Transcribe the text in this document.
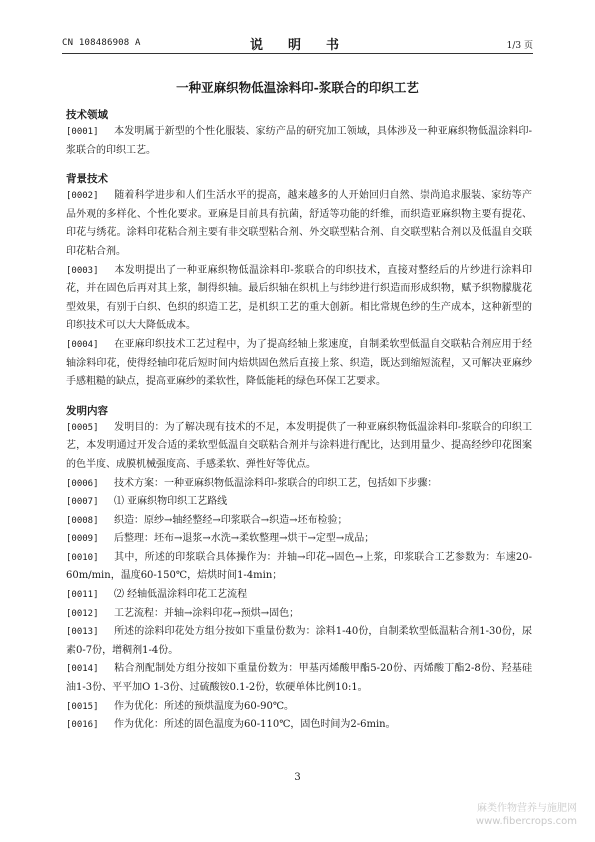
CN 108486908 A	说　明　书	1/3 页
一种亚麻织物低温涂料印-浆联合的印织工艺
技术领域
[0001] 本发明属于新型的个性化服装、家纺产品的研究加工领域，具体涉及一种亚麻织物低温涂料印-浆联合的印织工艺。
背景技术
[0002] 随着科学进步和人们生活水平的提高，越来越多的人开始回归自然、崇尚追求服装、家纺等产品外观的多样化、个性化要求。亚麻是目前具有抗菌，舒适等功能的纤维，而织造亚麻织物主要有提花、印花与绣花。涂料印花粘合剂主要有非交联型粘合剂、外交联型粘合剂、自交联型粘合剂以及低温自交联印花粘合剂。
[0003] 本发明提出了一种亚麻织物低温涂料印-浆联合的印织技术，直接对整经后的片纱进行涂料印花，并在固色后再对其上浆，制得织轴。最后织轴在织机上与纬纱进行织造而形成织物，赋予织物朦胧花型效果，有别于白织、色织的织造工艺，是机织工艺的重大创新。相比常规色纱的生产成本，这种新型的印织技术可以大大降低成本。
[0004] 在亚麻印织技术工艺过程中，为了提高经轴上浆速度，自制柔软型低温自交联粘合剂应用于经轴涂料印花，使得经轴印花后短时间内焙烘固色然后直接上浆、织造，既达到缩短流程，又可解决亚麻纱手感粗糙的缺点，提高亚麻纱的柔软性，降低能耗的绿色环保工艺要求。
发明内容
[0005] 发明目的：为了解决现有技术的不足，本发明提供了一种亚麻织物低温涂料印-浆联合的印织工艺，本发明通过开发合适的柔软型低温自交联粘合剂并与涂料进行配比，达到用量少、提高经纱印花图案的色半度、成膜机械强度高、手感柔软、弹性好等优点。
[0006] 技术方案：一种亚麻织物低温涂料印-浆联合的印织工艺，包括如下步骤：
[0007] ⑴ 亚麻织物印织工艺路线
[0008] 织造：原纱→轴经整经→印浆联合→织造→坯布检验；
[0009] 后整理：坯布→退浆→水洗→柔软整理→烘干→定型→成品；
[0010] 其中，所述的印浆联合具体操作为：并轴→印花→固色→上浆，印浆联合工艺参数为：车速20-60m/min，温度60-150℃，焙烘时间1-4min；
[0011] ⑵ 经轴低温涂料印花工艺流程
[0012] 工艺流程：并轴→涂料印花→预烘→固色；
[0013] 所述的涂料印花处方组分按如下重量份数为：涂料1-40份，自制柔软型低温粘合剂1-30份，尿素0-7份，增稠剂1-4份。
[0014] 粘合剂配制处方组分按如下重量份数为：甲基丙烯酸甲酯5-20份、丙烯酸丁酯2-8份、羟基硅油1-3份、平平加O 1-3份、过硫酸铵0.1-2份，软硬单体比例10:1。
[0015] 作为优化：所述的预烘温度为60-90℃。
[0016] 作为优化：所述的固色温度为60-110℃，固色时间为2-6min。
3
麻类作物营养与施肥网
www.fibercrops.com
